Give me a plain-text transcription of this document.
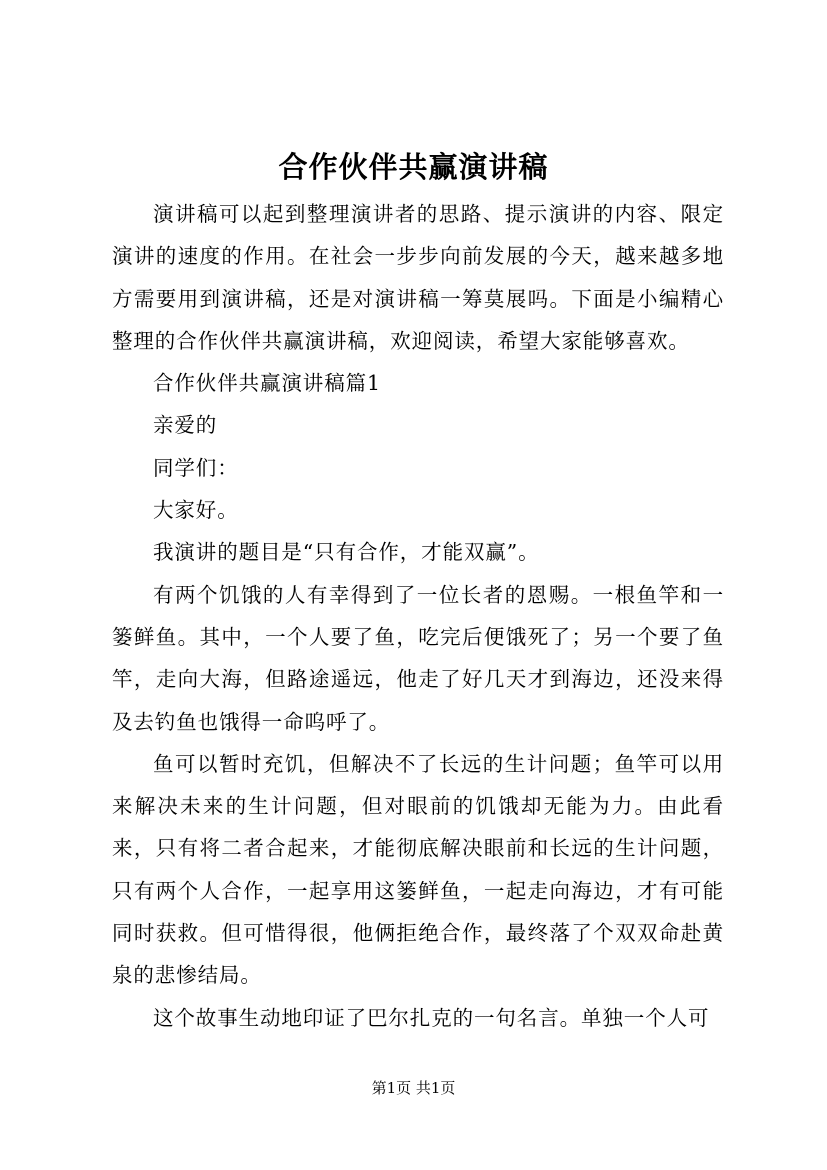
合作伙伴共赢演讲稿

演讲稿可以起到整理演讲者的思路、提示演讲的内容、限定演讲的速度的作用。在社会一步步向前发展的今天，越来越多地方需要用到演讲稿，还是对演讲稿一筹莫展吗。下面是小编精心整理的合作伙伴共赢演讲稿，欢迎阅读，希望大家能够喜欢。

合作伙伴共赢演讲稿篇1

亲爱的

同学们：

大家好。

我演讲的题目是“只有合作，才能双赢”。

有两个饥饿的人有幸得到了一位长者的恩赐。一根鱼竿和一篓鲜鱼。其中，一个人要了鱼，吃完后便饿死了；另一个要了鱼竿，走向大海，但路途遥远，他走了好几天才到海边，还没来得及去钓鱼也饿得一命呜呼了。

鱼可以暂时充饥，但解决不了长远的生计问题；鱼竿可以用来解决未来的生计问题，但对眼前的饥饿却无能为力。由此看来，只有将二者合起来，才能彻底解决眼前和长远的生计问题，只有两个人合作，一起享用这篓鲜鱼，一起走向海边，才有可能同时获救。但可惜得很，他俩拒绝合作，最终落了个双双命赴黄泉的悲惨结局。

这个故事生动地印证了巴尔扎克的一句名言。单独一个人可

第1页 共1页
